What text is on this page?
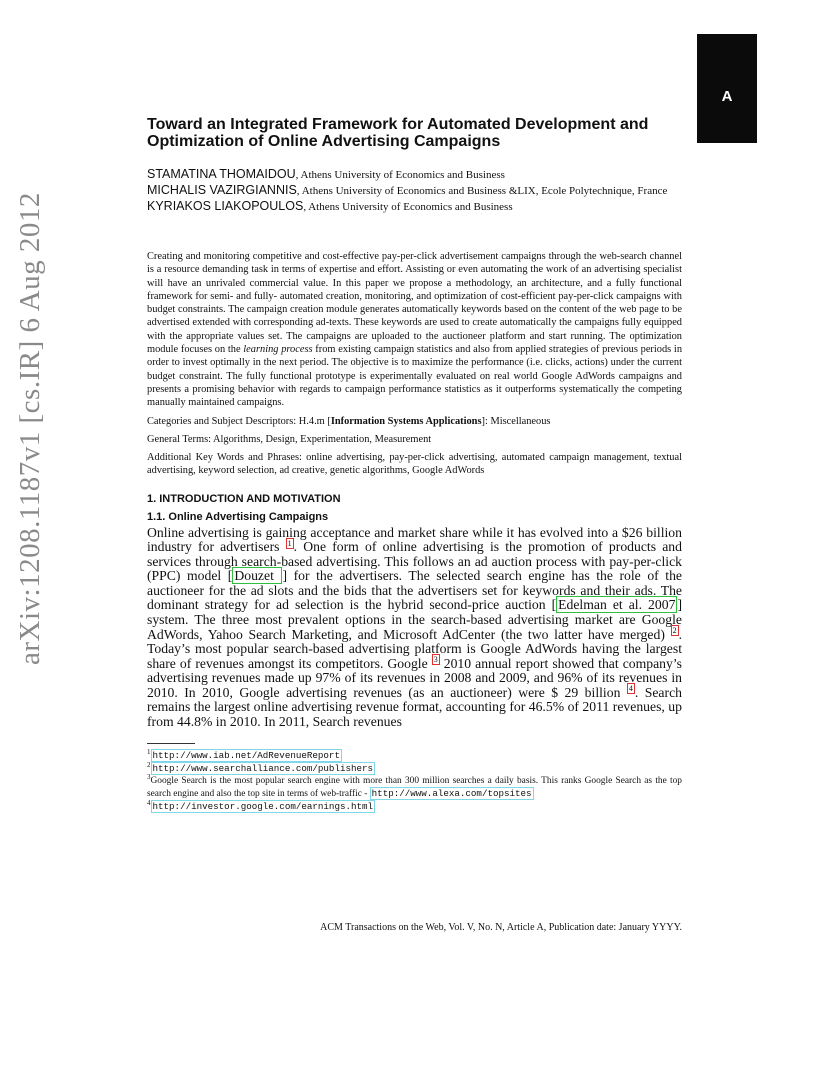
arXiv:1208.1187v1 [cs.IR] 6 Aug 2012
A
Toward an Integrated Framework for Automated Development and Optimization of Online Advertising Campaigns
STAMATINA THOMAIDOU, Athens University of Economics and Business
MICHALIS VAZIRGIANNIS, Athens University of Economics and Business &LIX, Ecole Polytechnique, France
KYRIAKOS LIAKOPOULOS, Athens University of Economics and Business
Creating and monitoring competitive and cost-effective pay-per-click advertisement campaigns through the web-search channel is a resource demanding task in terms of expertise and effort. Assisting or even automating the work of an advertising specialist will have an unrivaled commercial value. In this paper we propose a methodology, an architecture, and a fully functional framework for semi- and fully- automated creation, monitoring, and optimization of cost-efficient pay-per-click campaigns with budget constraints. The campaign creation module generates automatically keywords based on the content of the web page to be advertised extended with corresponding ad-texts. These keywords are used to create automatically the campaigns fully equipped with the appropriate values set. The campaigns are uploaded to the auctioneer platform and start running. The optimization module focuses on the learning process from existing campaign statistics and also from applied strategies of previous periods in order to invest optimally in the next period. The objective is to maximize the performance (i.e. clicks, actions) under the current budget constraint. The fully functional prototype is experimentally evaluated on real world Google AdWords campaigns and presents a promising behavior with regards to campaign performance statistics as it outperforms systematically the competing manually maintained campaigns.
Categories and Subject Descriptors: H.4.m [Information Systems Applications]: Miscellaneous
General Terms: Algorithms, Design, Experimentation, Measurement
Additional Key Words and Phrases: online advertising, pay-per-click advertising, automated campaign management, textual advertising, keyword selection, ad creative, genetic algorithms, Google AdWords
1. INTRODUCTION AND MOTIVATION
1.1. Online Advertising Campaigns
Online advertising is gaining acceptance and market share while it has evolved into a $26 billion industry for advertisers $^1$ . One form of online advertising is the promotion of products and services through search-based advertising. This follows an ad auction process with pay-per-click (PPC) model [ Douzet ] for the advertisers. The selected search engine has the role of the auctioneer for the ad slots and the bids that the advertisers set for keywords and their ads. The dominant strategy for ad selection is the hybrid second-price auction [ Edelman et al. 2007 ] system. The three most prevalent options in the search-based advertising market are Google AdWords, Yahoo Search Marketing, and Microsoft AdCenter (the two latter have merged) $^2$ . Today’s most popular search-based advertising platform is Google AdWords having the largest share of revenues amongst its competitors. Google $^3$ 2010 annual report showed that company’s advertising revenues made up 97% of its revenues in 2008 and 2009, and 96% of its revenues in 2010. In 2010, Google advertising revenues (as an auctioneer) were $ 29 billion $^4$ . Search remains the largest online advertising revenue format, accounting for 46.5% of 2011 revenues, up from 44.8% in 2010. In 2011, Search revenues
$^1$ http://www.iab.net/AdRevenueReport
$^2$ http://www.searchalliance.com/publishers
$^3$Google Search is the most popular search engine with more than 300 million searches a daily basis. This ranks Google Search as the top search engine and also the top site in terms of web-traffic - http://www.alexa.com/topsites
$^4$ http://investor.google.com/earnings.html
ACM Transactions on the Web, Vol. V, No. N, Article A, Publication date: January YYYY.
